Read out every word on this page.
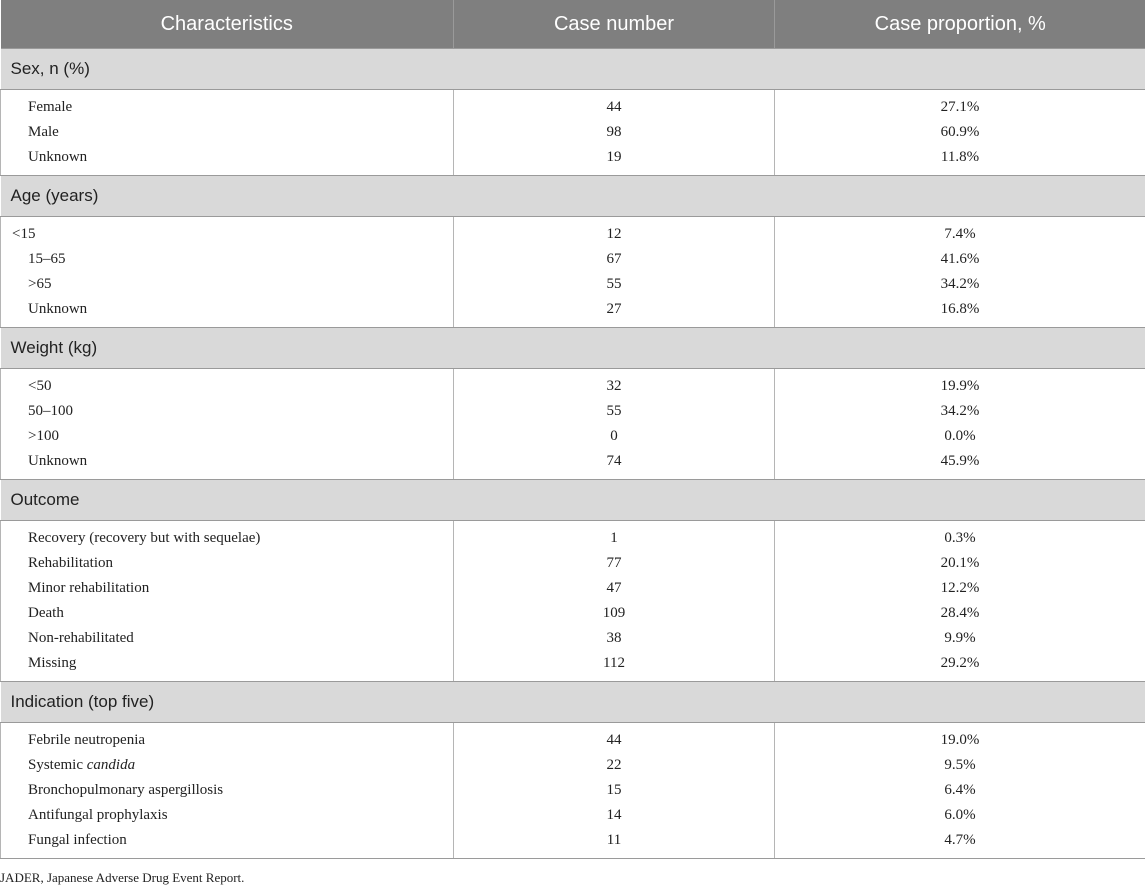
Characteristics	Case number	Case proportion, %
Sex, n (%)		
Female	44	27.1%
Male	98	60.9%
Unknown	19	11.8%
Age (years)		
<15	12	7.4%
15–65	67	41.6%
>65	55	34.2%
Unknown	27	16.8%
Weight (kg)		
<50	32	19.9%
50–100	55	34.2%
>100	0	0.0%
Unknown	74	45.9%
Outcome		
Recovery (recovery but with sequelae)	1	0.3%
Rehabilitation	77	20.1%
Minor rehabilitation	47	12.2%
Death	109	28.4%
Non-rehabilitated	38	9.9%
Missing	112	29.2%
Indication (top five)		
Febrile neutropenia	44	19.0%
Systemic candida	22	9.5%
Bronchopulmonary aspergillosis	15	6.4%
Antifungal prophylaxis	14	6.0%
Fungal infection	11	4.7%
JADER, Japanese Adverse Drug Event Report.
